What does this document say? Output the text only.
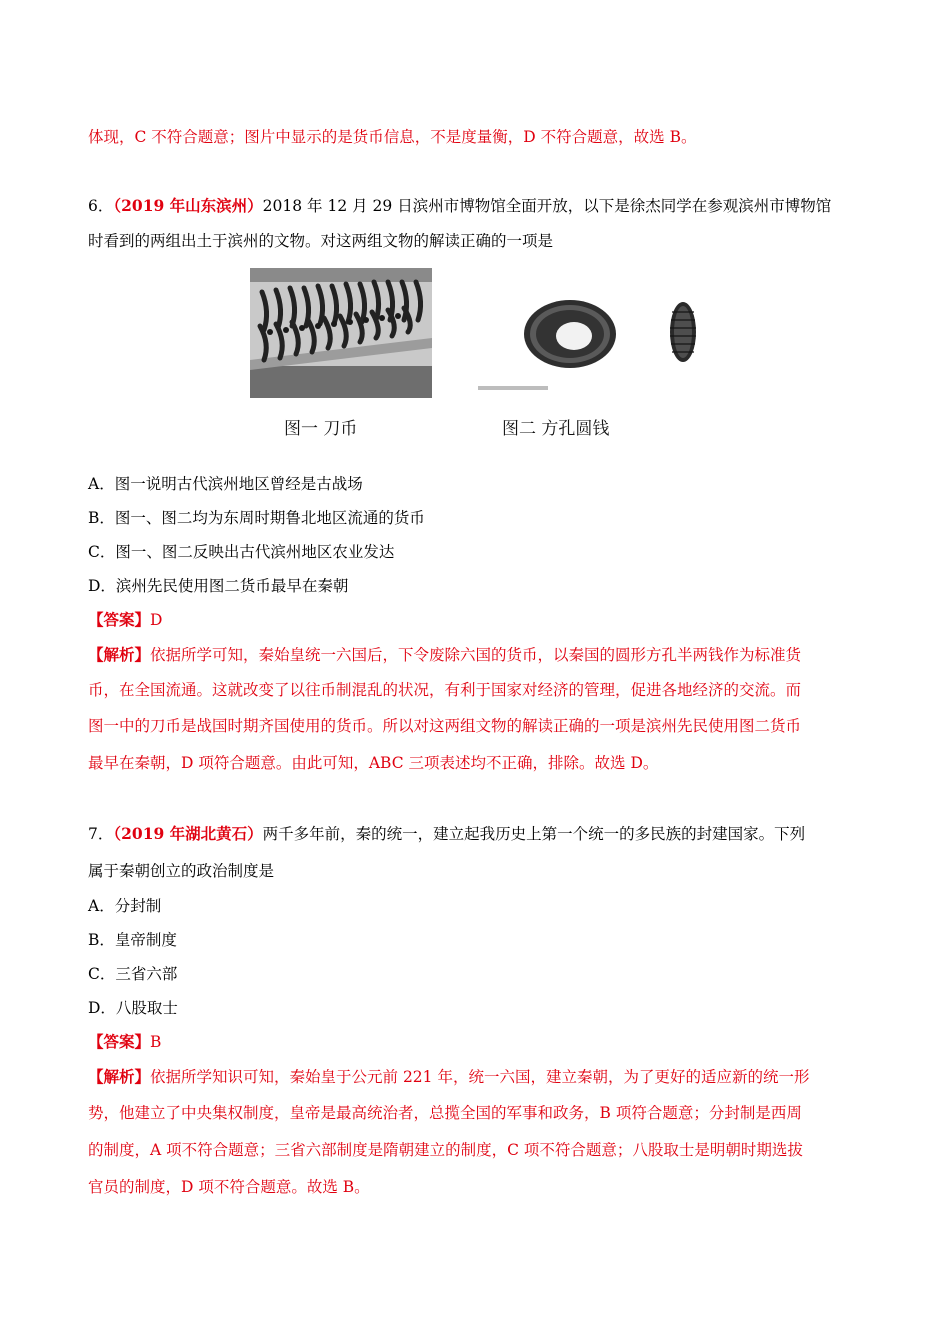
体现，C 不符合题意；图片中显示的是货币信息，不是度量衡，D 不符合题意，故选 B。
6．（2019 年山东滨州）2018 年 12 月 29 日滨州市博物馆全面开放，以下是徐杰同学在参观滨州市博物馆
时看到的两组出土于滨州的文物。对这两组文物的解读正确的一项是
图一 刀币	图二 方孔圆钱
A．图一说明古代滨州地区曾经是古战场
B．图一、图二均为东周时期鲁北地区流通的货币
C．图一、图二反映出古代滨州地区农业发达
D．滨州先民使用图二货币最早在秦朝
【答案】D
【解析】依据所学可知，秦始皇统一六国后，下令废除六国的货币，以秦国的圆形方孔半两钱作为标准货
币，在全国流通。这就改变了以往币制混乱的状况，有利于国家对经济的管理，促进各地经济的交流。而
图一中的刀币是战国时期齐国使用的货币。所以对这两组文物的解读正确的一项是滨州先民使用图二货币
最早在秦朝，D 项符合题意。由此可知，ABC 三项表述均不正确，排除。故选 D。
7．（2019 年湖北黄石）两千多年前，秦的统一，建立起我历史上第一个统一的多民族的封建国家。下列
属于秦朝创立的政治制度是
A．分封制
B．皇帝制度
C．三省六部
D．八股取士
【答案】B
【解析】依据所学知识可知，秦始皇于公元前 221 年，统一六国，建立秦朝，为了更好的适应新的统一形
势，他建立了中央集权制度，皇帝是最高统治者，总揽全国的军事和政务，B 项符合题意；分封制是西周
的制度，A 项不符合题意；三省六部制度是隋朝建立的制度，C 项不符合题意；八股取士是明朝时期选拔
官员的制度，D 项不符合题意。故选 B。
